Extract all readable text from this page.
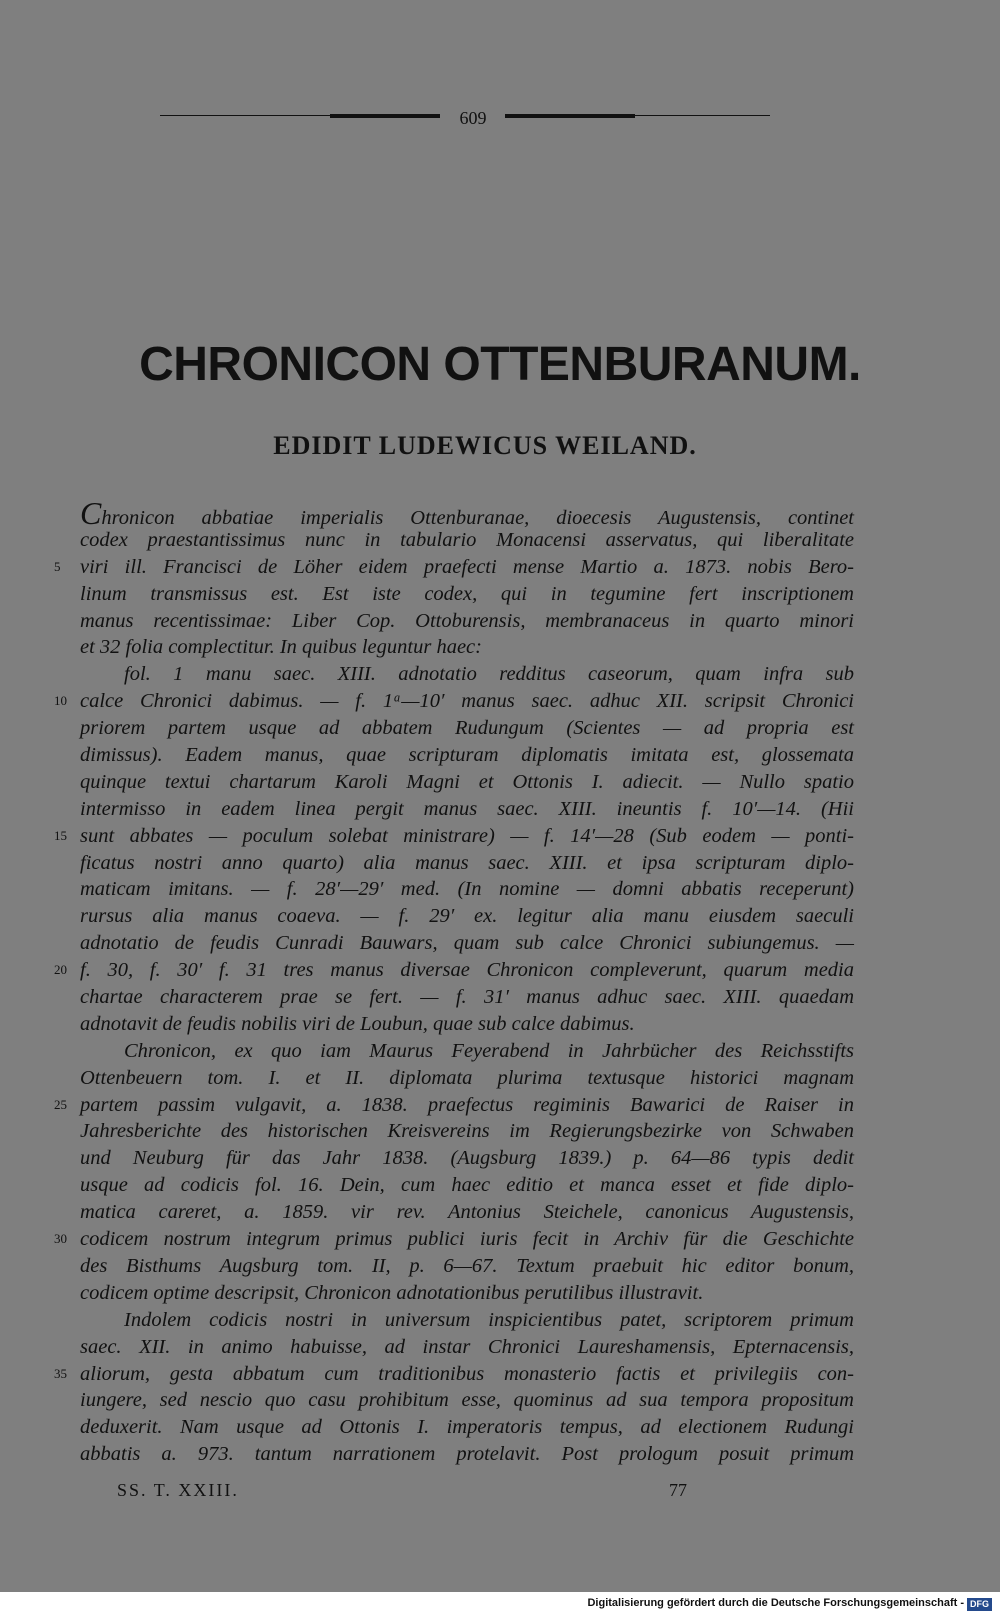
609
CHRONICON OTTENBURANUM.
EDIDIT LUDEWICUS WEILAND.
Chronicon abbatiae imperialis Ottenburanae, dioecesis Augustensis, continet
codex praestantissimus nunc in tabulario Monacensi asservatus, qui liberalitate
5 viri ill. Francisci de Löher eidem praefecti mense Martio a. 1873. nobis Bero-
linum transmissus est. Est iste codex, qui in tegumine fert inscriptionem
manus recentissimae: Liber Cop. Ottoburensis, membranaceus in quarto minori
et 32 folia complectitur. In quibus leguntur haec:
fol. 1 manu saec. XIII. adnotatio redditus caseorum, quam infra sub
10 calce Chronici dabimus. — f. 1ᵃ—10′ manus saec. adhuc XII. scripsit Chronici
priorem partem usque ad abbatem Rudungum (Scientes — ad propria est
dimissus). Eadem manus, quae scripturam diplomatis imitata est, glossemata
quinque textui chartarum Karoli Magni et Ottonis I. adiecit. — Nullo spatio
intermisso in eadem linea pergit manus saec. XIII. ineuntis f. 10′—14. (Hii
15 sunt abbates — poculum solebat ministrare) — f. 14′—28 (Sub eodem — ponti-
ficatus nostri anno quarto) alia manus saec. XIII. et ipsa scripturam diplo-
maticam imitans. — f. 28′—29′ med. (In nomine — domni abbatis receperunt)
rursus alia manus coaeva. — f. 29′ ex. legitur alia manu eiusdem saeculi
adnotatio de feudis Cunradi Bauwars, quam sub calce Chronici subiungemus. —
20 f. 30, f. 30′ f. 31 tres manus diversae Chronicon compleverunt, quarum media
chartae characterem prae se fert. — f. 31′ manus adhuc saec. XIII. quaedam
adnotavit de feudis nobilis viri de Loubun, quae sub calce dabimus.
Chronicon, ex quo iam Maurus Feyerabend in Jahrbücher des Reichsstifts
Ottenbeuern tom. I. et II. diplomata plurima textusque historici magnam
25 partem passim vulgavit, a. 1838. praefectus regiminis Bawarici de Raiser in
Jahresberichte des historischen Kreisvereins im Regierungsbezirke von Schwaben
und Neuburg für das Jahr 1838. (Augsburg 1839.) p. 64—86 typis dedit
usque ad codicis fol. 16. Dein, cum haec editio et manca esset et fide diplo-
matica careret, a. 1859. vir rev. Antonius Steichele, canonicus Augustensis,
30 codicem nostrum integrum primus publici iuris fecit in Archiv für die Geschichte
des Bisthums Augsburg tom. II, p. 6—67. Textum praebuit hic editor bonum,
codicem optime descripsit, Chronicon adnotationibus perutilibus illustravit.
Indolem codicis nostri in universum inspicientibus patet, scriptorem primum
saec. XII. in animo habuisse, ad instar Chronici Laureshamensis, Epternacensis,
35 aliorum, gesta abbatum cum traditionibus monasterio factis et privilegiis con-
iungere, sed nescio quo casu prohibitum esse, quominus ad sua tempora propositum
deduxerit. Nam usque ad Ottonis I. imperatoris tempus, ad electionem Rudungi
abbatis a. 973. tantum narrationem protelavit. Post prologum posuit primum
SS. T. XXIII.	77
Digitalisierung gefördert durch die Deutsche Forschungsgemeinschaft - DFG
